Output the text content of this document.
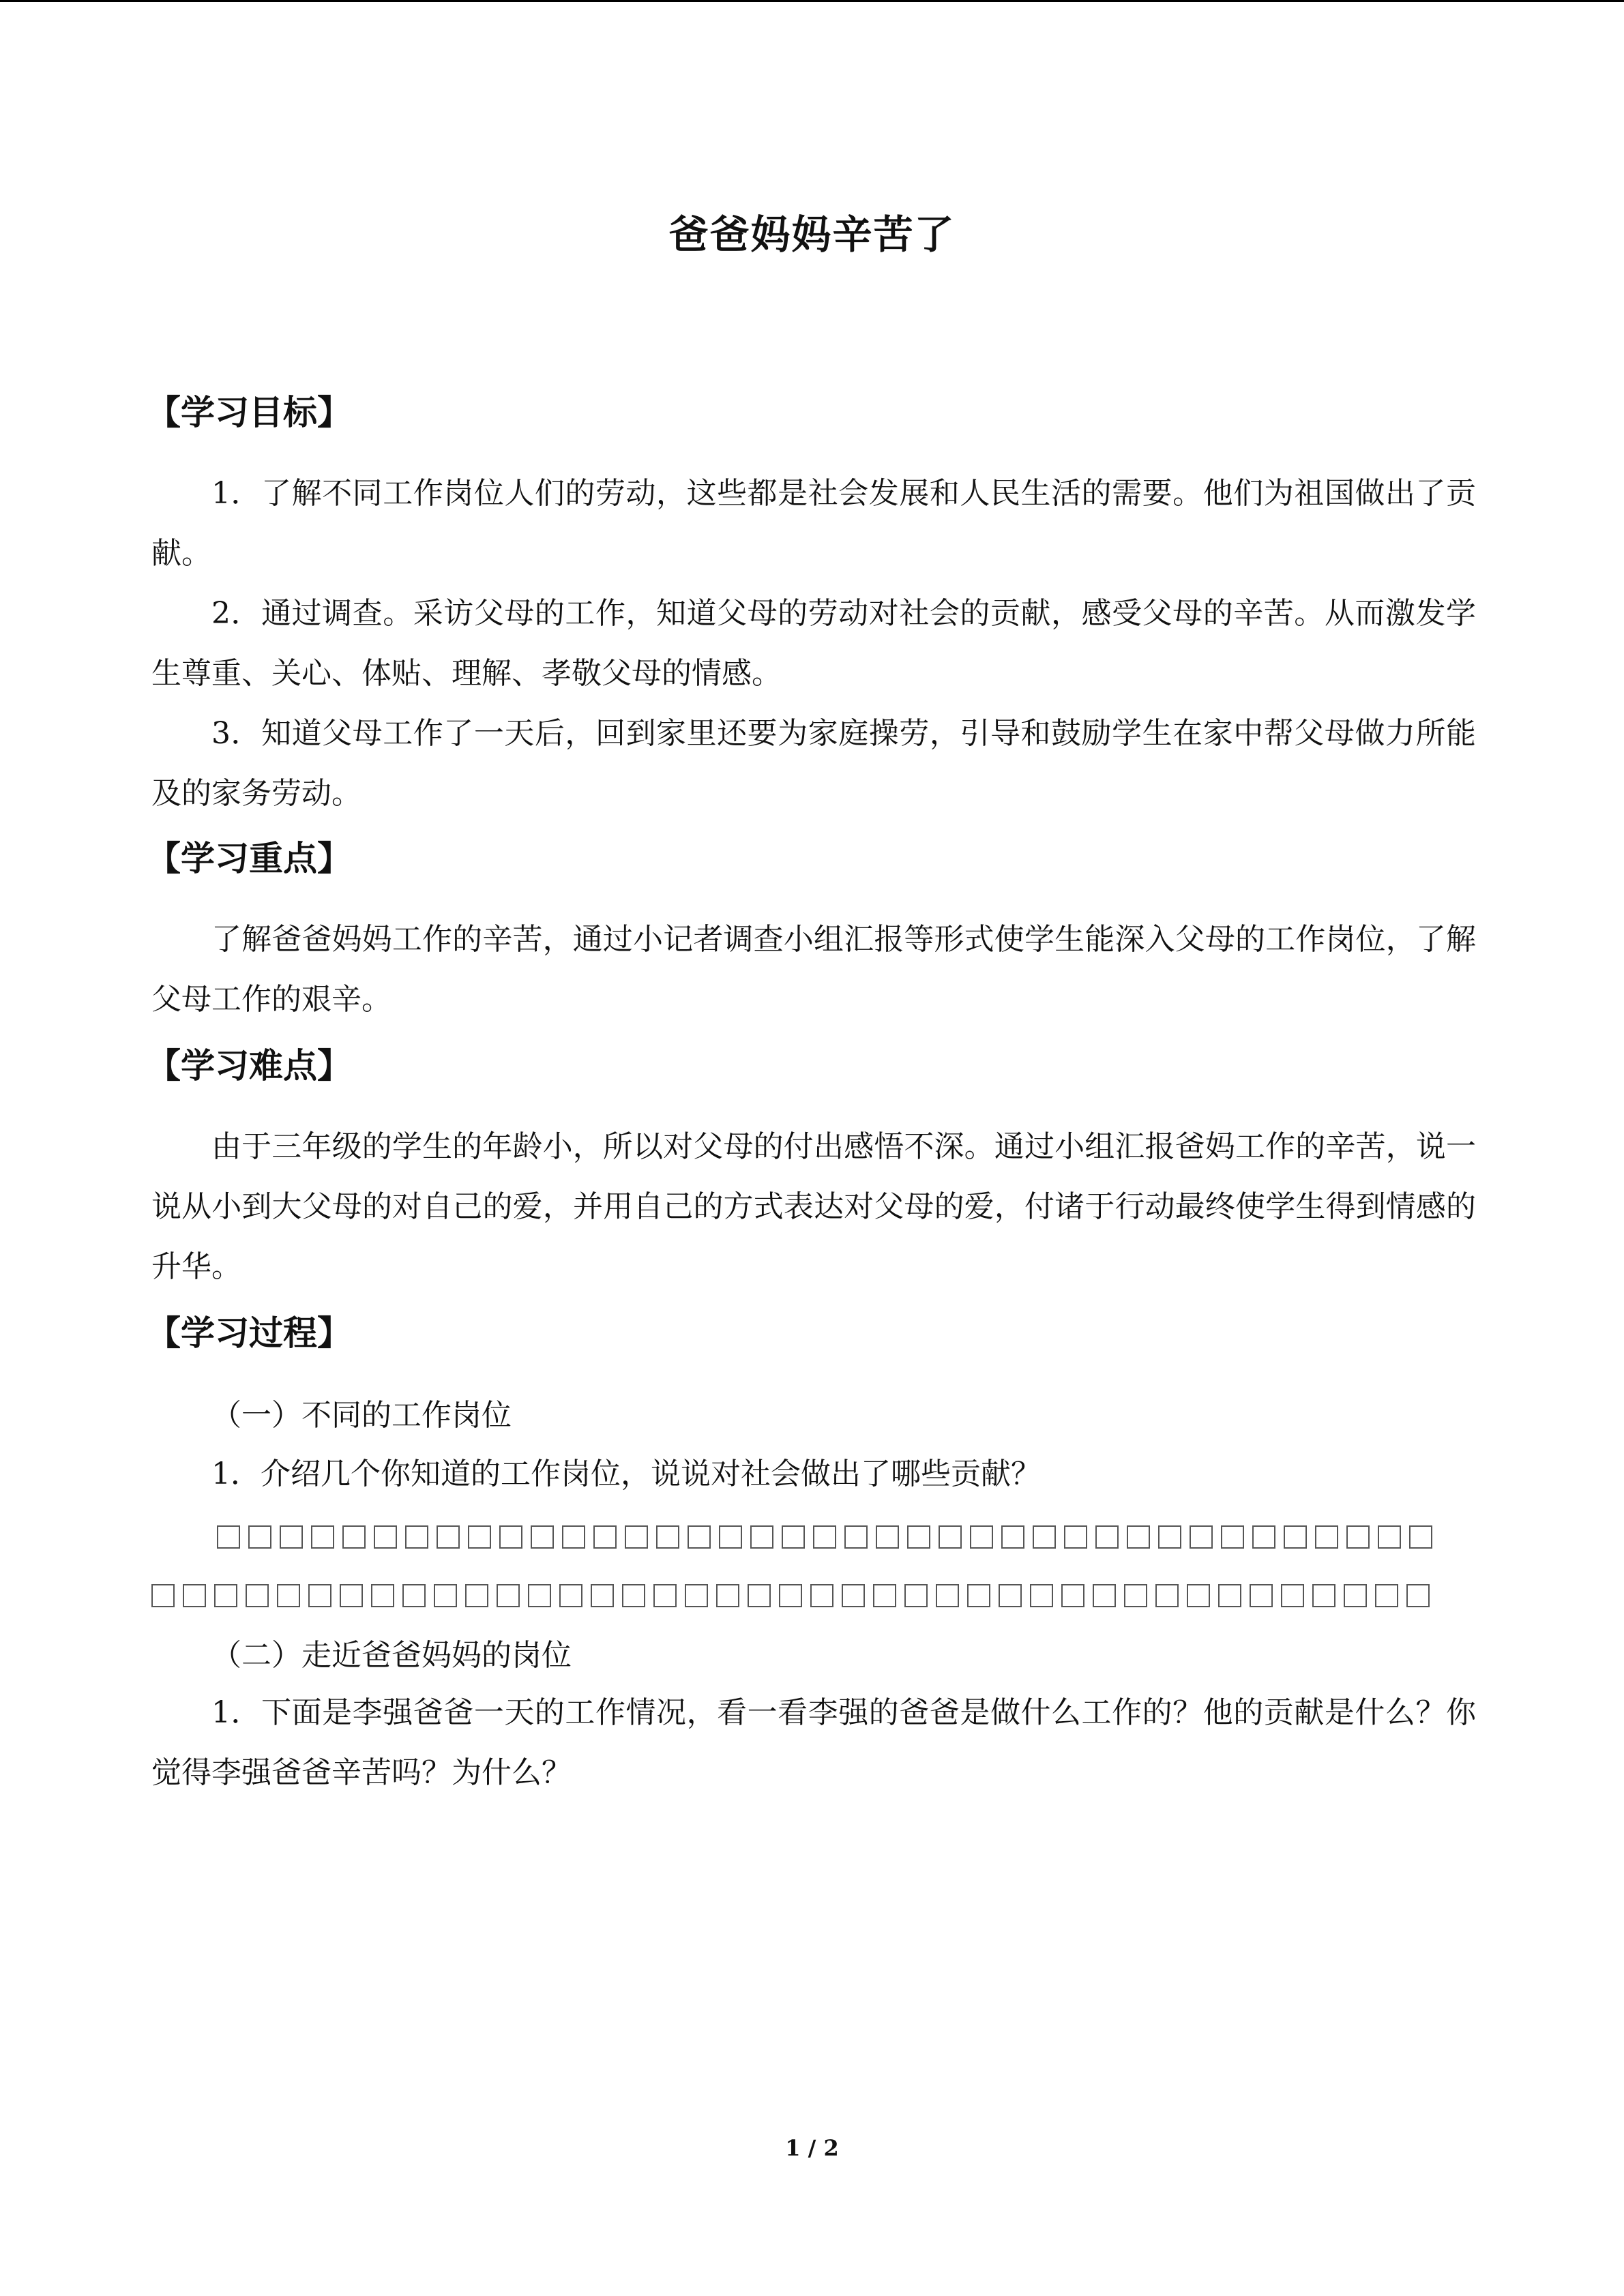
爸爸妈妈辛苦了
【学习目标】
1．了解不同工作岗位人们的劳动，这些都是社会发展和人民生活的需要。他们为祖国做出了贡献。
2．通过调查。采访父母的工作，知道父母的劳动对社会的贡献，感受父母的辛苦。从而激发学生尊重、关心、体贴、理解、孝敬父母的情感。
3．知道父母工作了一天后，回到家里还要为家庭操劳，引导和鼓励学生在家中帮父母做力所能及的家务劳动。
【学习重点】
了解爸爸妈妈工作的辛苦，通过小记者调查小组汇报等形式使学生能深入父母的工作岗位，了解父母工作的艰辛。
【学习难点】
由于三年级的学生的年龄小，所以对父母的付出感悟不深。通过小组汇报爸妈工作的辛苦，说一说从小到大父母的对自己的爱，并用自己的方式表达对父母的爱，付诸于行动最终使学生得到情感的升华。
【学习过程】
（一）不同的工作岗位
1．介绍几个你知道的工作岗位，说说对社会做出了哪些贡献？
（二）走近爸爸妈妈的岗位
1．下面是李强爸爸一天的工作情况，看一看李强的爸爸是做什么工作的？他的贡献是什么？你觉得李强爸爸辛苦吗？为什么？
1 / 2
